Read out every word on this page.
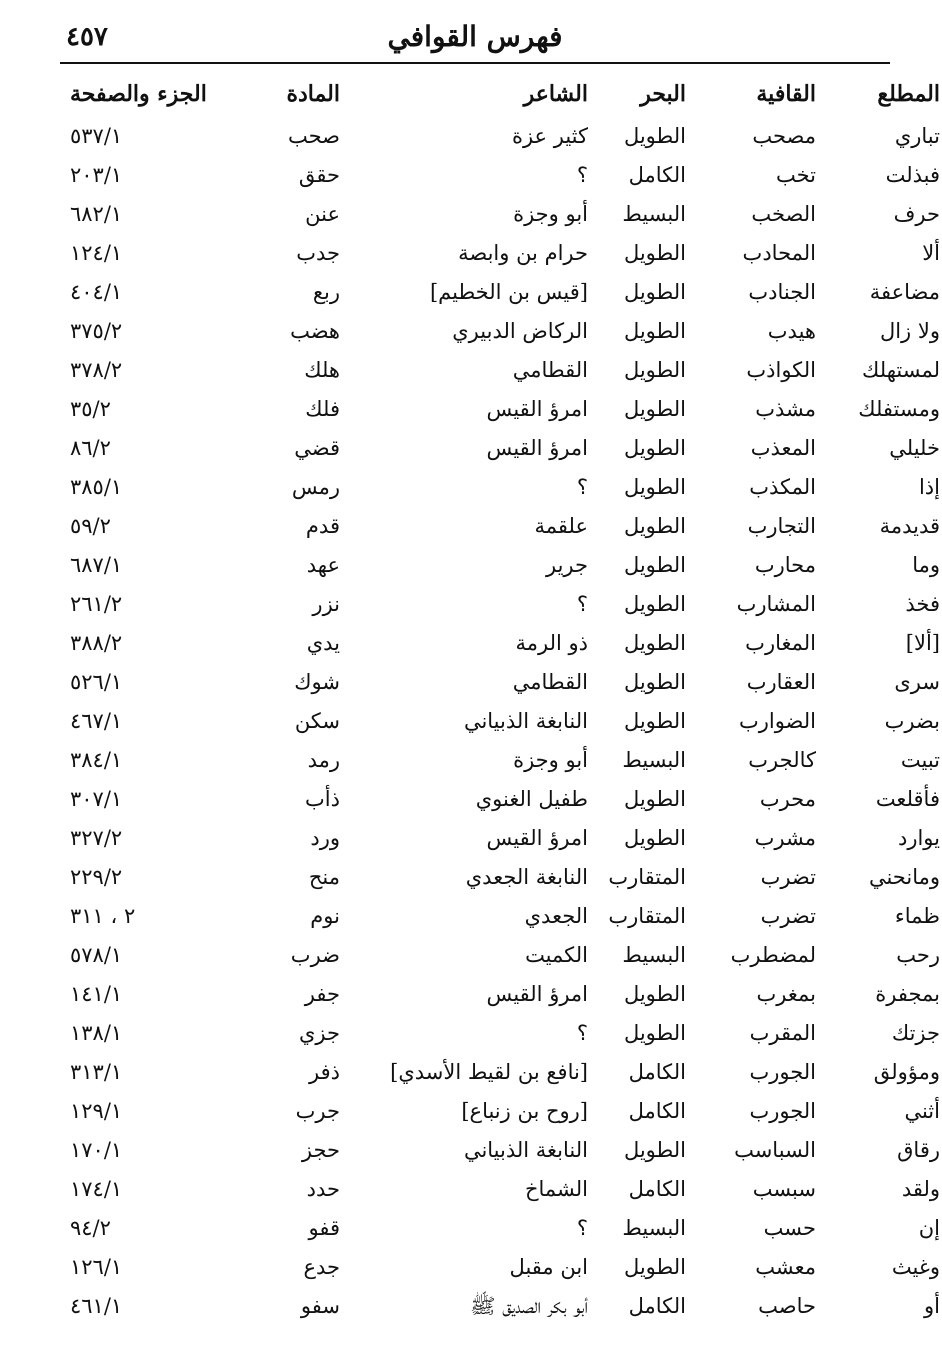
فهرس القوافي
٤٥٧
المطلع	القافية	البحر	الشاعر	المادة	الجزء والصفحة
تباري	مصحب	الطويل	كثير عزة	صحب	٥٣٧/١
فبذلت	تخب	الكامل	؟	حقق	٢٠٣/١
حرف	الصخب	البسيط	أبو وجزة	عنن	٦٨٢/١
ألا	المحادب	الطويل	حرام بن وابصة	جدب	١٢٤/١
مضاعفة	الجنادب	الطويل	[قيس بن الخطيم]	ربع	٤٠٤/١
ولا زال	هيدب	الطويل	الركاض الدبيري	هضب	٣٧٥/٢
لمستهلك	الكواذب	الطويل	القطامي	هلك	٣٧٨/٢
ومستفلك	مشذب	الطويل	امرؤ القيس	فلك	٣٥/٢
خليلي	المعذب	الطويل	امرؤ القيس	قضي	٨٦/٢
إذا	المكذب	الطويل	؟	رمس	٣٨٥/١
قديدمة	التجارب	الطويل	علقمة	قدم	٥٩/٢
وما	محارب	الطويل	جرير	عهد	٦٨٧/١
فخذ	المشارب	الطويل	؟	نزر	٢٦١/٢
[ألا]	المغارب	الطويل	ذو الرمة	يدي	٣٨٨/٢
سرى	العقارب	الطويل	القطامي	شوك	٥٢٦/١
بضرب	الضوارب	الطويل	النابغة الذبياني	سكن	٤٦٧/١
تبيت	كالجرب	البسيط	أبو وجزة	رمد	٣٨٤/١
فأقلعت	محرب	الطويل	طفيل الغنوي	ذأب	٣٠٧/١
يوارد	مشرب	الطويل	امرؤ القيس	ورد	٣٢٧/٢
ومانحني	تضرب	المتقارب	النابغة الجعدي	منح	٢٢٩/٢
ظماء	تضرب	المتقارب	الجعدي	نوم	٢ ، ٣١١
رحب	لمضطرب	البسيط	الكميت	ضرب	٥٧٨/١
بمجفرة	بمغرب	الطويل	امرؤ القيس	جفر	١٤١/١
جزتك	المقرب	الطويل	؟	جزي	١٣٨/١
ومؤولق	الجورب	الكامل	[نافع بن لقيط الأسدي]	ذفر	٣١٣/١
أثني	الجورب	الكامل	[روح بن زنباع]	جرب	١٢٩/١
رقاق	السباسب	الطويل	النابغة الذبياني	حجز	١٧٠/١
ولقد	سبسب	الكامل	الشماخ	حدد	١٧٤/١
إن	حسب	البسيط	؟	قفو	٩٤/٢
وغيث	معشب	الطويل	ابن مقبل	جدع	١٢٦/١
أو	حاصب	الكامل	أبو بكر الصديق ﷺ	سفو	٤٦١/١
